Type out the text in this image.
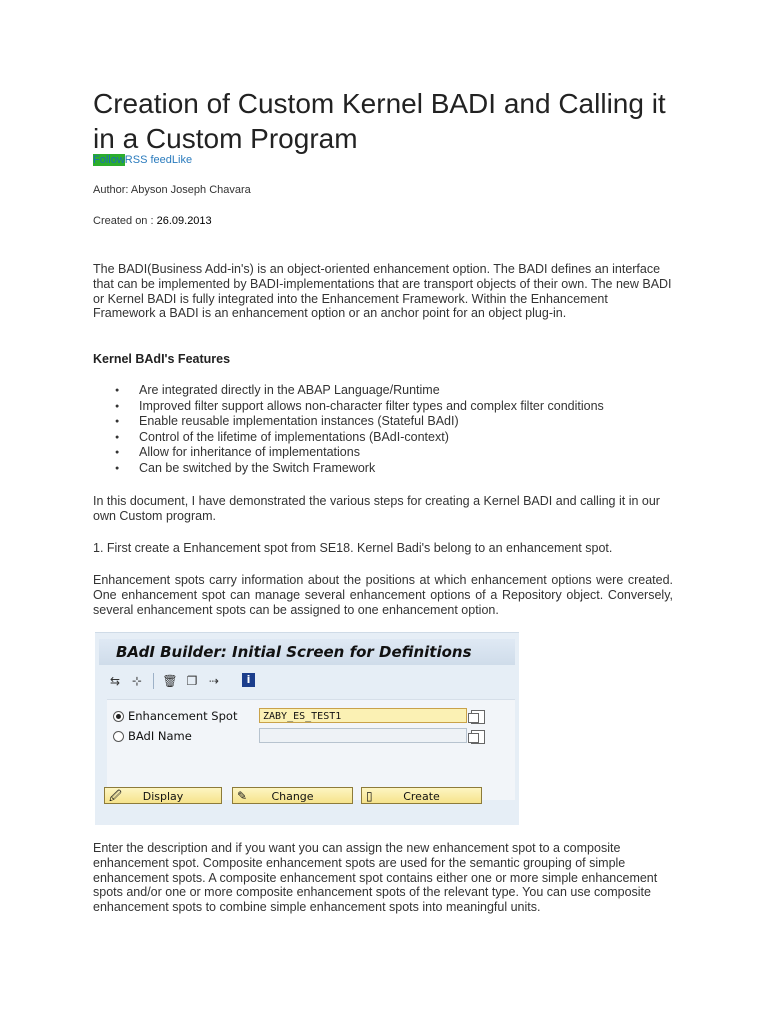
Creation of Custom Kernel BADI and Calling it in a Custom Program
FollowRSS feedLike
Author: Abyson Joseph Chavara
Created on : 26.09.2013

The BADI(Business Add-in's) is an object-oriented enhancement option. The BADI defines an interface that can be implemented by BADI-implementations that are transport objects of their own. The new BADI or Kernel BADI is fully integrated into the Enhancement Framework. Within the Enhancement Framework a BADI is an enhancement option or an anchor point for an object plug-in.

Kernel BAdI's Features
● Are integrated directly in the ABAP Language/Runtime
● Improved filter support allows non-character filter types and complex filter conditions
● Enable reusable implementation instances (Stateful BAdI)
● Control of the lifetime of implementations (BAdI-context)
● Allow for inheritance of implementations
● Can be switched by the Switch Framework

In this document, I have demonstrated the various steps for creating a Kernel BADI and calling it in our own Custom program.

1. First create a Enhancement spot from SE18. Kernel Badi's belong to an enhancement spot.

Enhancement spots carry information about the positions at which enhancement options were created. One enhancement spot can manage several enhancement options of a Repository object. Conversely, several enhancement spots can be assigned to one enhancement option.

Enter the description and if you want you can assign the new enhancement spot to a composite enhancement spot. Composite enhancement spots are used for the semantic grouping of simple enhancement spots. A composite enhancement spot contains either one or more simple enhancement spots and/or one or more composite enhancement spots of the relevant type. You can use composite enhancement spots to combine simple enhancement spots into meaningful units.

BAdI Builder: Initial Screen for Definitions
⇆ ⊹ 🗑 ❐ ⇢	i
Enhancement Spot	ZABY_ES_TEST1
BAdI Name
🖉 Display	✎ Change	▯	Create
